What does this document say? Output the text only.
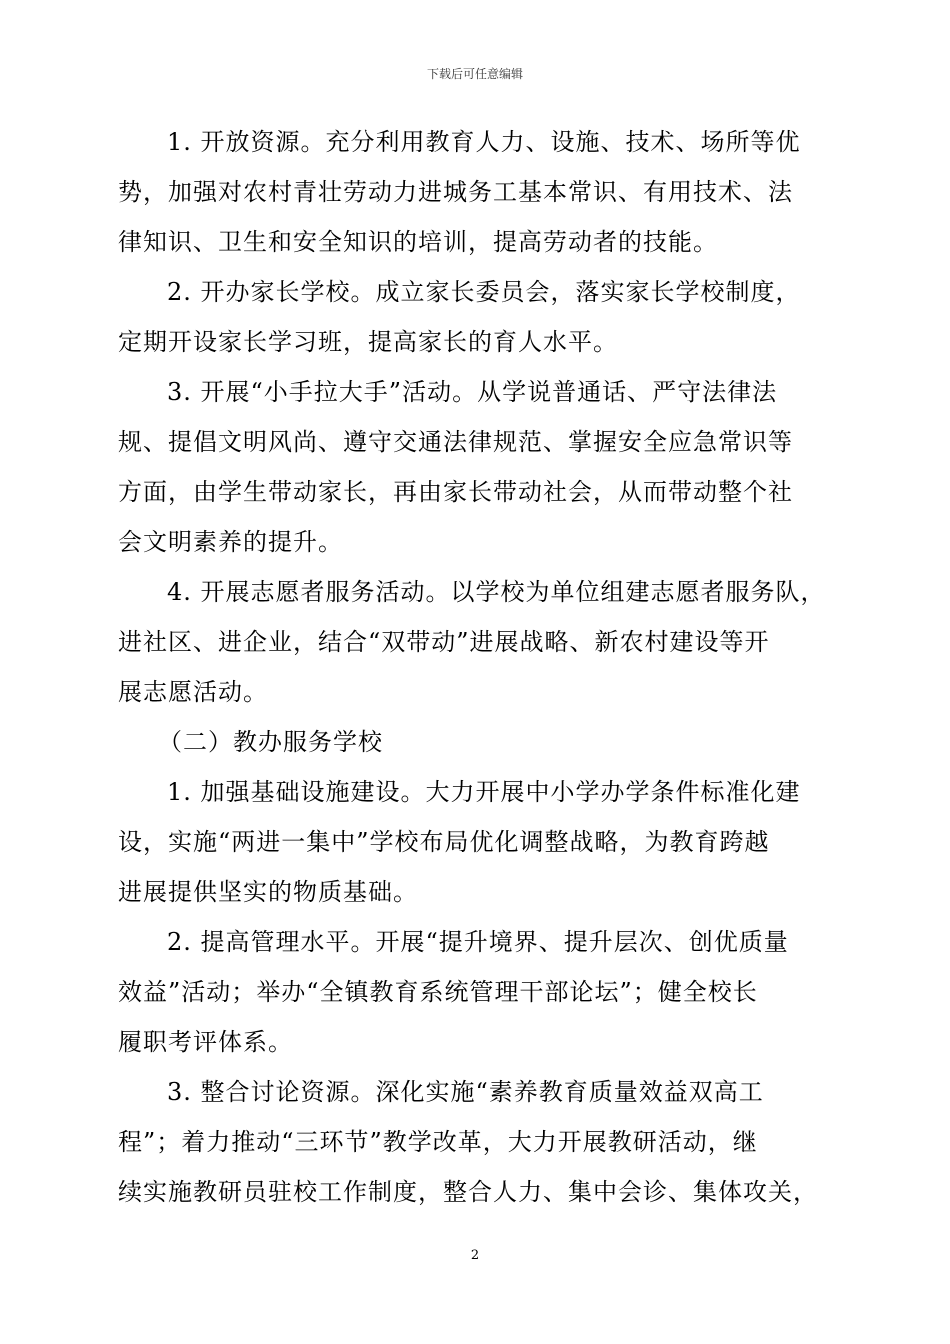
下载后可任意编辑
1. 开放资源。充分利用教育人力、设施、技术、场所等优
势，加强对农村青壮劳动力进城务工基本常识、有用技术、法
律知识、卫生和安全知识的培训，提高劳动者的技能。
2. 开办家长学校。成立家长委员会，落实家长学校制度，
定期开设家长学习班，提高家长的育人水平。
3. 开展“小手拉大手”活动。从学说普通话、严守法律法
规、提倡文明风尚、遵守交通法律规范、掌握安全应急常识等
方面，由学生带动家长，再由家长带动社会，从而带动整个社
会文明素养的提升。
4. 开展志愿者服务活动。以学校为单位组建志愿者服务队，
进社区、进企业，结合“双带动”进展战略、新农村建设等开
展志愿活动。
（二）教办服务学校
1. 加强基础设施建设。大力开展中小学办学条件标准化建
设，实施“两进一集中”学校布局优化调整战略，为教育跨越
进展提供坚实的物质基础。
2. 提高管理水平。开展“提升境界、提升层次、创优质量
效益”活动；举办“全镇教育系统管理干部论坛”；健全校长
履职考评体系。
3. 整合讨论资源。深化实施“素养教育质量效益双高工
程”；着力推动“三环节”教学改革，大力开展教研活动，继
续实施教研员驻校工作制度，整合人力、集中会诊、集体攻关，
2
